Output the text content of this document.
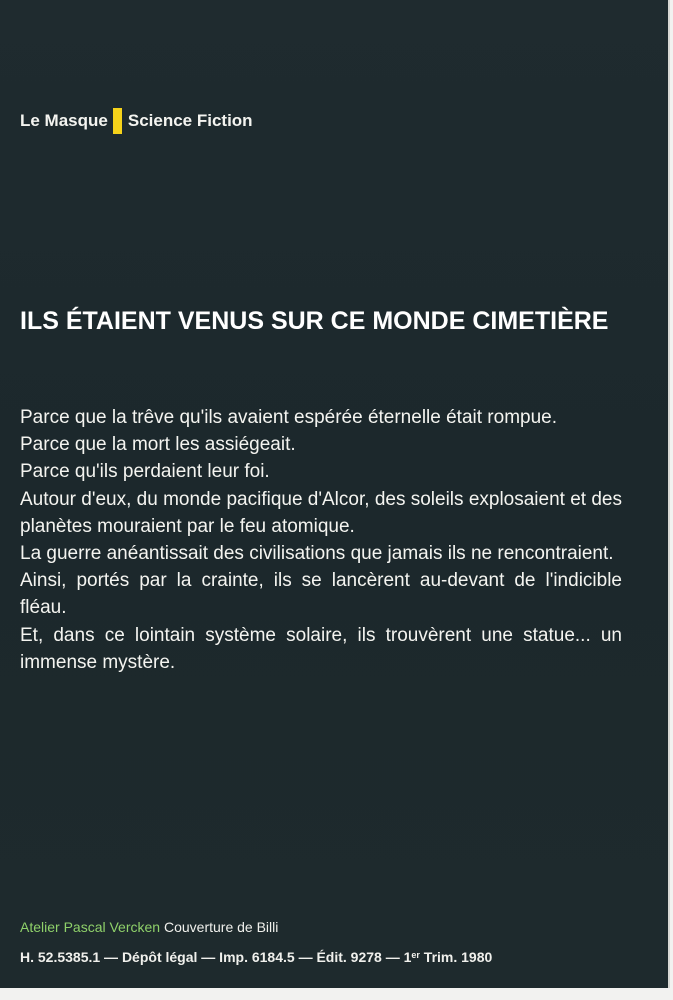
Le Masque Science Fiction
ILS ÉTAIENT VENUS SUR CE MONDE CIMETIÈRE
Parce que la trêve qu'ils avaient espérée éternelle était rompue.
Parce que la mort les assiégeait.
Parce qu'ils perdaient leur foi.
Autour d'eux, du monde pacifique d'Alcor, des soleils explosaient et des planètes mouraient par le feu atomique.
La guerre anéantissait des civilisations que jamais ils ne rencontraient.
Ainsi, portés par la crainte, ils se lancèrent au-devant de l'indicible fléau.
Et, dans ce lointain système solaire, ils trouvèrent une statue... un immense mystère.
Atelier Pascal Vercken Couverture de Billi
H. 52.5385.1 — Dépôt légal — Imp. 6184.5 — Édit. 9278 — 1er Trim. 1980
